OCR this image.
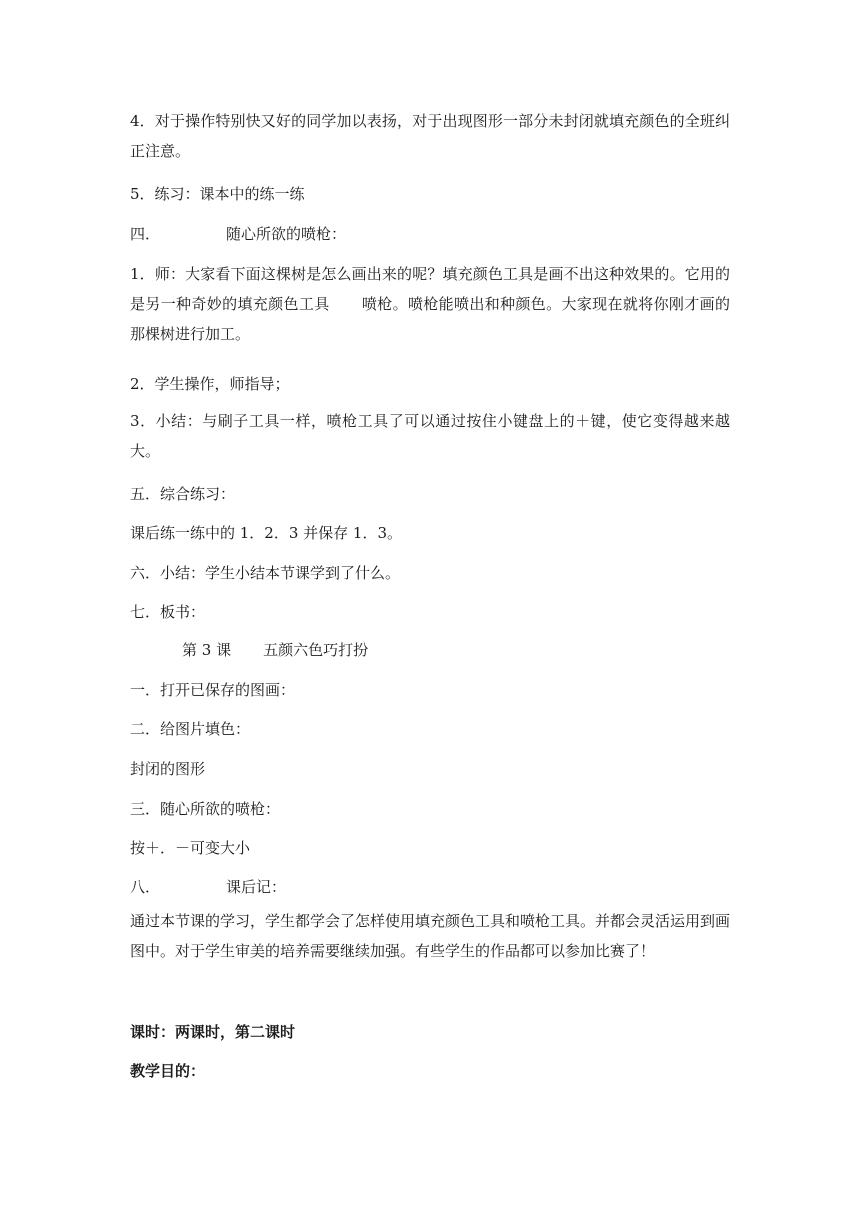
4．对于操作特别快又好的同学加以表扬，对于出现图形一部分未封闭就填充颜色的全班纠正注意。

5．练习：课本中的练一练

四．	随心所欲的喷枪：

1．师：大家看下面这棵树是怎么画出来的呢？填充颜色工具是画不出这种效果的。它用的是另一种奇妙的填充颜色工具 喷枪。喷枪能喷出和种颜色。大家现在就将你刚才画的那棵树进行加工。

2．学生操作，师指导；

3．小结：与刷子工具一样，喷枪工具了可以通过按住小键盘上的＋键，使它变得越来越大。

五．综合练习：

课后练一练中的 1．2．3 并保存 1．3。

六．小结：学生小结本节课学到了什么。

七．板书：

第 3 课 五颜六色巧打扮

一．打开已保存的图画：

二．给图片填色：

封闭的图形

三．随心所欲的喷枪：

按＋．－可变大小

八．	课后记：

通过本节课的学习，学生都学会了怎样使用填充颜色工具和喷枪工具。并都会灵活运用到画图中。对于学生审美的培养需要继续加强。有些学生的作品都可以参加比赛了！

课时：两课时，第二课时

教学目的：
